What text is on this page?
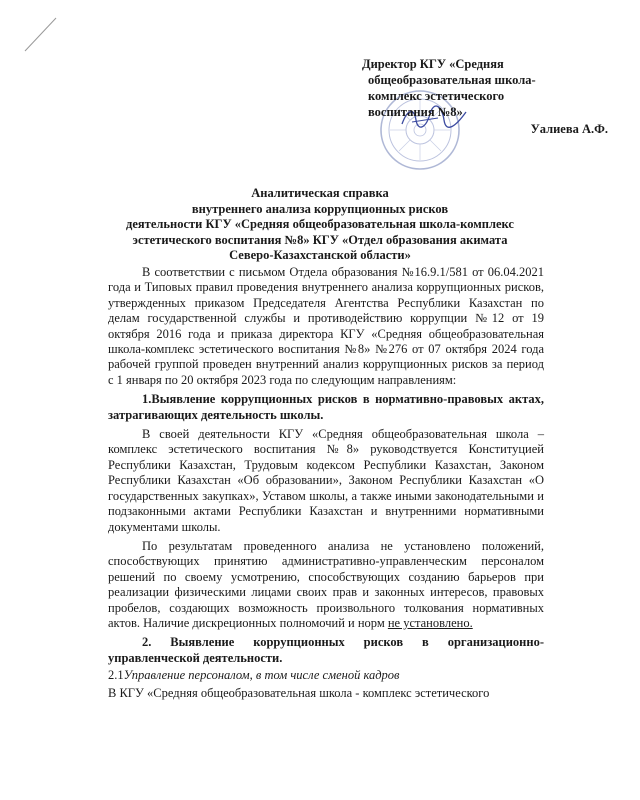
Директор КГУ «Средняя
общеобразовательная школа-
комплекс эстетического
воспитания №8»
Уалиева А.Ф.
Аналитическая справка
внутреннего анализа коррупционных рисков
деятельности КГУ «Средняя общеобразовательная школа-комплекс
эстетического воспитания №8» КГУ «Отдел образования акимата
Северо-Казахстанской области»

В соответствии с письмом Отдела образования №16.9.1/581 от 06.04.2021 года и Типовых правил проведения внутреннего анализа коррупционных рисков, утвержденных приказом Председателя Агентства Республики Казахстан по делам государственной службы и противодействию коррупции №12 от 19 октября 2016 года и приказа директора КГУ «Средняя общеобразовательная школа-комплекс эстетического воспитания №8» №276 от 07 октября 2024 года рабочей группой проведен внутренний анализ коррупционных рисков за период с 1 января по 20 октября 2023 года по следующим направлениям:

1.Выявление коррупционных рисков в нормативно-правовых актах, затрагивающих деятельность школы.

В своей деятельности КГУ «Средняя общеобразовательная школа – комплекс эстетического воспитания №8» руководствуется Конституцией Республики Казахстан, Трудовым кодексом Республики Казахстан, Законом Республики Казахстан «Об образовании», Законом Республики Казахстан «О государственных закупках», Уставом школы, а также иными законодательными и подзаконными актами Республики Казахстан и внутренними нормативными документами школы.

По результатам проведенного анализа не установлено положений, способствующих принятию административно-управленческим персоналом решений по своему усмотрению, способствующих созданию барьеров при реализации физическими лицами своих прав и законных интересов, правовых пробелов, создающих возможность произвольного толкования нормативных актов. Наличие дискреционных полномочий и норм не установлено.

2. Выявление коррупционных рисков в организационно-управленческой деятельности.

2.1Управление персоналом, в том числе сменой кадров

В КГУ «Средняя общеобразовательная школа - комплекс эстетического
